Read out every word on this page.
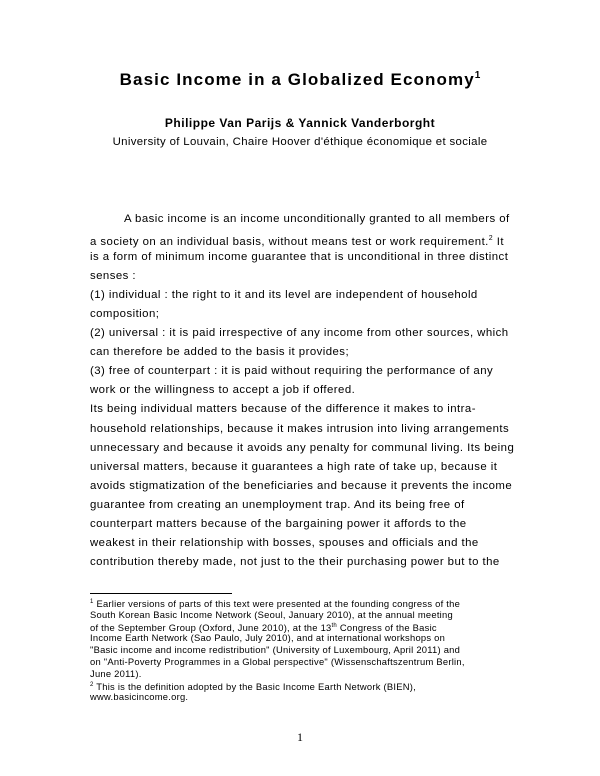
Basic Income in a Globalized Economy$^1$
Philippe Van Parijs & Yannick Vanderborght
University of Louvain, Chaire Hoover d'éthique économique et sociale
A basic income is an income unconditionally granted to all members of
a society on an individual basis, without means test or work requirement.$^2$ It
is a form of minimum income guarantee that is unconditional in three distinct
senses :
(1) individual : the right to it and its level are independent of household
composition;
(2) universal : it is paid irrespective of any income from other sources, which
can therefore be added to the basis it provides;
(3) free of counterpart : it is paid without requiring the performance of any
work or the willingness to accept a job if offered.
Its being individual matters because of the difference it makes to intra-
household relationships, because it makes intrusion into living arrangements
unnecessary and because it avoids any penalty for communal living. Its being
universal matters, because it guarantees a high rate of take up, because it
avoids stigmatization of the beneficiaries and because it prevents the income
guarantee from creating an unemployment trap. And its being free of
counterpart matters because of the bargaining power it affords to the
weakest in their relationship with bosses, spouses and officials and the
contribution thereby made, not just to the their purchasing power but to the
$^1$ Earlier versions of parts of this text were presented at the founding congress of the
South Korean Basic Income Network (Seoul, January 2010), at the annual meeting
of the September Group (Oxford, June 2010), at the 13th Congress of the Basic
Income Earth Network (Sao Paulo, July 2010), and at international workshops on
"Basic income and income redistribution" (University of Luxembourg, April 2011) and
on "Anti-Poverty Programmes in a Global perspective" (Wissenschaftszentrum Berlin,
June 2011).
$^2$ This is the definition adopted by the Basic Income Earth Network (BIEN),
www.basicincome.org.
1
